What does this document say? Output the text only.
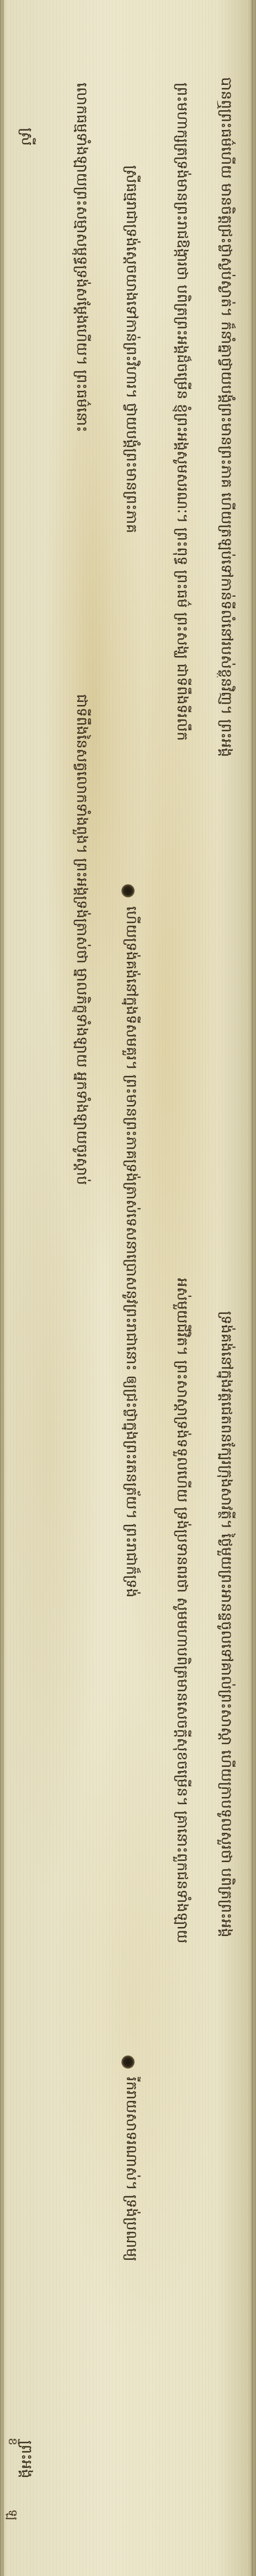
ខិ
ឡ
ស្រី
ព្រះអង្គ
លោកធម្មទាំងឡាយព្រះសម្មាសម្ពុទ្ធទ្រង់សម្តែងហើយ។ ព្រះធម៌នោះ
ជាទីពឹងនៃសត្វលោកទាំងពួង។ ព្រះអង្គទ្រង់ត្រាស់ថា ម្នាលភិក្ខុទាំងឡាយ អ្នកទាំងឡាយចូរស្តាប់
ស្រីធម្មរាជាទ្រង់ស្តេចយាងទៅកាន់ព្រះវិហារ។ ថ្វាយបង្គំព្រះមានព្រះភាគ
ហើយទ្រង់គង់នៅក្នុងទីសមគួរ។ ព្រះមានព្រះភាគទ្រង់ត្រាស់ទេសនាប្រោសនូវព្រះរាជានោះ ឲ្យជ្រះថ្លាក្នុងព្រះរតនត្រ័យ។ ព្រះរាជាក៏ទ្រង់
រីករាយសាទរណាស់។ ទ្រង់ប្រណម្យ
ព្រះមហាក្សត្រទ្រង់មានព្រះរាជឱង្ការថា បពិត្រព្រះអង្គដ៏ចម្រើន ខ្ញុំព្រះអង្គសូមសរណៈ។ ព្រះពុទ្ធ ព្រះធម៌ ព្រះសង្ឃ ជាទីពឹងទីរលឹក
អស់មួយជីវិត។ ព្រះសាស្តាទ្រង់ទទួលហើយ ទ្រង់ប្រទានពរថា សូមមហាបពិត្រមានសេចក្តីសុខចម្រើន។ គ្រានោះពួកជនទាំងឡាយ
បានឮព្រះធម៌ហើយ មានចិត្តជ្រះថ្លាស្ងប់ស្ងាត់។ ក៏នាំគ្នាថ្វាយបង្គំព្រះមានព្រះភាគ ហើយត្រឡប់ទៅកាន់ទីលំនៅរបស់ខ្លួនវិញ។ ព្រះអង្គ
ទ្រង់គង់នៅក្នុងវត្តជេតពនក្បែរក្រុងសាវត្ថី។ ថ្ងៃមួយព្រះអានន្ទចូលទៅគាល់ព្រះសាស្តា ហើយក្រាបទូលសួរថា បពិត្រព្រះអង្គ
